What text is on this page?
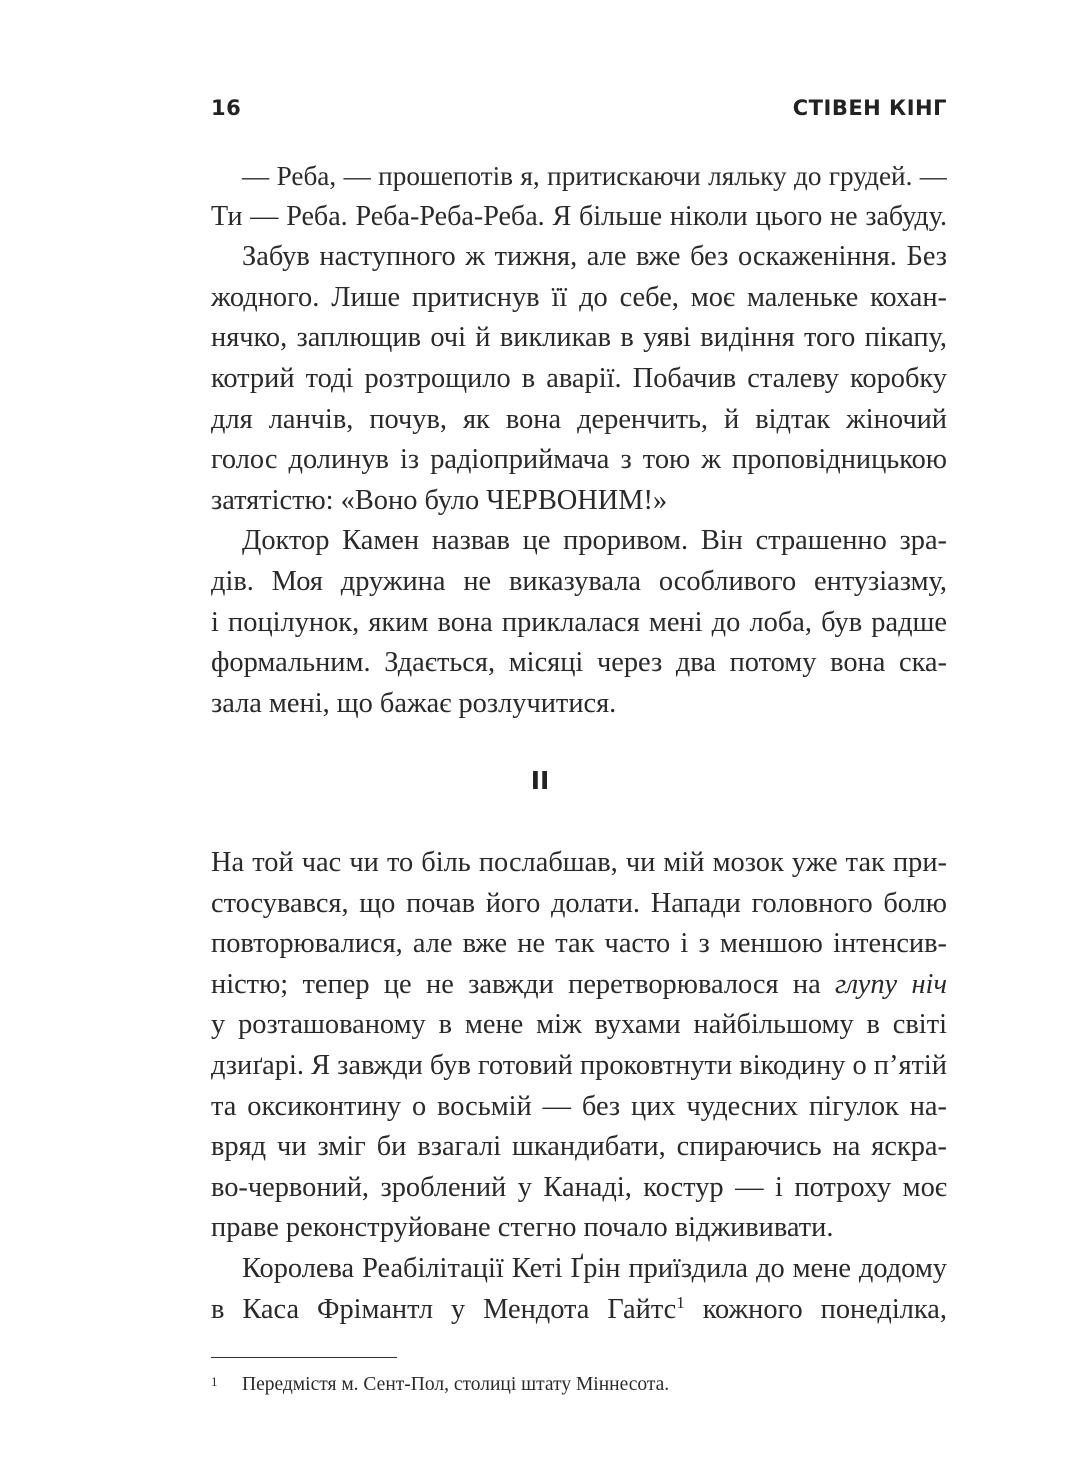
16	СТІВЕН КІНГ

— Реба, — прошепотів я, притискаючи ляльку до грудей. —

Ти — Реба. Реба-Реба-Реба. Я більше ніколи цього не забуду.

Забув наступного ж тижня, але вже без оскаженіння. Без

жодного. Лише притиснув її до себе, моє маленьке кохан-

нячко, заплющив очі й викликав в уяві видіння того пікапу,

котрий тоді розтрощило в аварії. Побачив сталеву коробку

для ланчів, почув, як вона деренчить, й відтак жіночий

голос долинув із радіоприймача з тою ж проповідницькою

затятістю: «Воно було ЧЕРВОНИМ!»

Доктор Камен назвав це проривом. Він страшенно зра-

дів. Моя дружина не виказувала особливого ентузіазму,

і поцілунок, яким вона приклалася мені до лоба, був радше

формальним. Здається, місяці через два потому вона ска-

зала мені, що бажає розлучитися.

II

На той час чи то біль послабшав, чи мій мозок уже так при-

стосувався, що почав його долати. Напади головного болю

повторювалися, але вже не так часто і з меншою інтенсив-

ністю; тепер це не завжди перетворювалося на глупу ніч

у розташованому в мене між вухами найбільшому в світі

дзиґарі. Я завжди був готовий проковтнути вікодину о п’ятій

та оксиконтину о восьмій — без цих чудесних пігулок на-

вряд чи зміг би взагалі шкандибати, спираючись на яскра-

во-червоний, зроблений у Канаді, костур — і потроху моє

праве реконструйоване стегно почало віджививати.

Королева Реабілітації Кеті Ґрін приїздила до мене додому

в Каса Фрімантл у Мендота Гайтс$^1$ кожного понеділка,

1 Передмістя м. Сент-Пол, столиці штату Міннесота.
